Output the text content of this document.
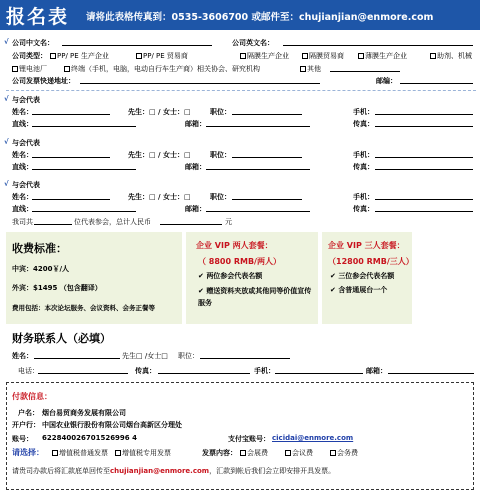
报名表 请将此表格传真到：0535-3606700 或邮件至：chujianjian@enmore.com
√ 公司中文名：	公司英文名：
公司类型：	PP/ PE 生产企业	PP/ PE 贸易商	隔膜生产企业	隔膜贸易商	薄膜生产企业	助剂、机械
锂电池厂	终端（手机，电脑，电动自行车生产商）相关协会、研究机构	其他
公司发票快递地址：	邮编：
√ 与会代表
姓名：	先生：□ / 女士：□	职位：	手机：
直线：	邮箱：	传真：
√ 与会代表
姓名：	先生：□ / 女士：□	职位：	手机：
直线：	邮箱：	传真：
√ 与会代表
姓名：	先生：□ / 女士：□	职位：	手机：
直线：	邮箱：	传真：
我司共	位代表参会，总计人民币	元
收费标准：
中宾：4200￥/人
外宾：$1495 （包含翻译）
费用包括：本次论坛服务、会议资料、会务正餐等
企业 VIP 两人套餐：
（ 8800 RMB/两人）
✔ 两位参会代表名额
✔ 赠送资料夹放或其他同等价值宣传服务
企业 VIP 三人套餐：
（12800 RMB/三人）
✔ 三位参会代表名额
✔ 含普通展台一个
财务联系人（必填）
姓名：	先生□ /女士□ 职位：
电话：	传真：	手机：	邮箱：
付款信息：
户名： 烟台易贸商务发展有限公司
开户行： 中国农业银行股份有限公司烟台高新区分理处
账号： 622840026701526996 4	支付宝账号： cicidai@enmore.com
请选择：	增值税普通发票	增值税专用发票	发票内容：	会展费	会议费	会务费
请贵司办款后将汇款底单回传至chujianjian@enmore.com，汇款到帐后我们会立即安排开具发票。
